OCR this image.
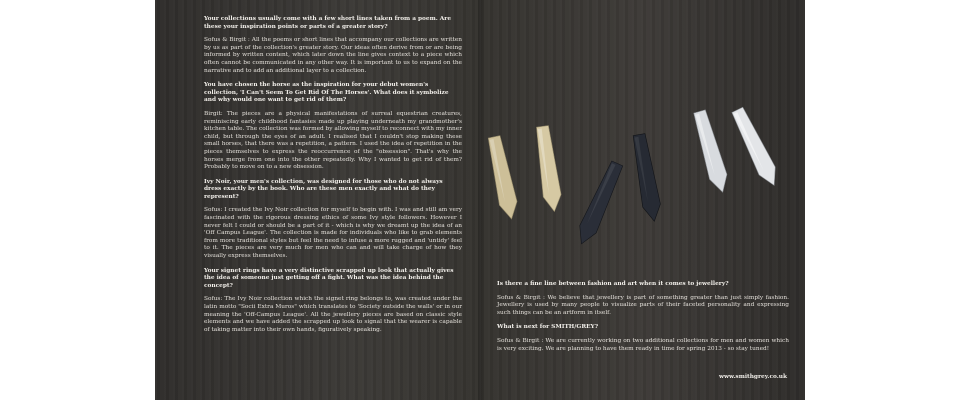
Your collections usually come with a few short lines taken from a poem. Are these your inspiration points or parts of a greater story?

Sofus & Birgit : All the poems or short lines that accompany our collections are written by us as part of the collection's greater story. Our ideas often derive from or are being informed by written content, which later down the line gives context to a piece which often cannot be communicated in any other way. It is important to us to expand on the narrative and to add an additional layer to a collection.

You have chosen the horse as the inspiration for your debut women's collection, 'I Can't Seem To Get Rid Of The Horses'. What does it symbolize and why would one want to get rid of them?

Birgit: The pieces are a physical manifestations of surreal equestrian creatures, reminiscing early childhood fantasies made up playing underneath my grandmother's kitchen table. The collection was formed by allowing myself to reconnect with my inner child, but through the eyes of an adult. I realised that I couldn't stop making these small horses, that there was a repetition, a pattern. I used the idea of repetition in the pieces themselves to express the reoccurrence of the "obsession". That's why the horses merge from one into the other repeatedly. Why I wanted to get rid of them? Probably to move on to a new obsession.

Ivy Noir, your men's collection, was designed for those who do not always dress exactly by the book. Who are these men exactly and what do they represent?

Sofus: I created the Ivy Noir collection for myself to begin with. I was and still am very fascinated with the rigorous dressing ethics of some Ivy style followers. However I never felt I could or should be a part of it - which is why we dreamt up the idea of an 'Off Campus League'. The collection is made for individuals who like to grab elements from more traditional styles but feel the need to infuse a more rugged and 'untidy' feel to it. The pieces are very much for men who can and will take charge of how they visually express themselves.

Your signet rings have a very distinctive scrapped up look that actually gives the idea of someone just getting off a fight. What was the idea behind the concept?

Sofus: The Ivy Noir collection which the signet ring belongs to, was created under the latin motto "Socii Extra Muros" which translates to 'Society outside the walls' or in our meaning the 'Off-Campus League'. All the jewellery pieces are based on classic style elements and we have added the scrapped up look to signal that the wearer is capable of taking matter into their own hands, figuratively speaking.

Is there a fine line between fashion and art when it comes to jewellery?

Sofus & Birgit : We believe that jewellery is part of something greater than just simply fashion. Jewellery is used by many people to visualize parts of their faceted personality and expressing such things can be an artform in itself.

What is next for SMITH/GREY?

Sofus & Birgit : We are currently working on two additional collections for men and women which is very exciting. We are planning to have them ready in time for spring 2013 - so stay tuned!

www.smithgrey.co.uk
